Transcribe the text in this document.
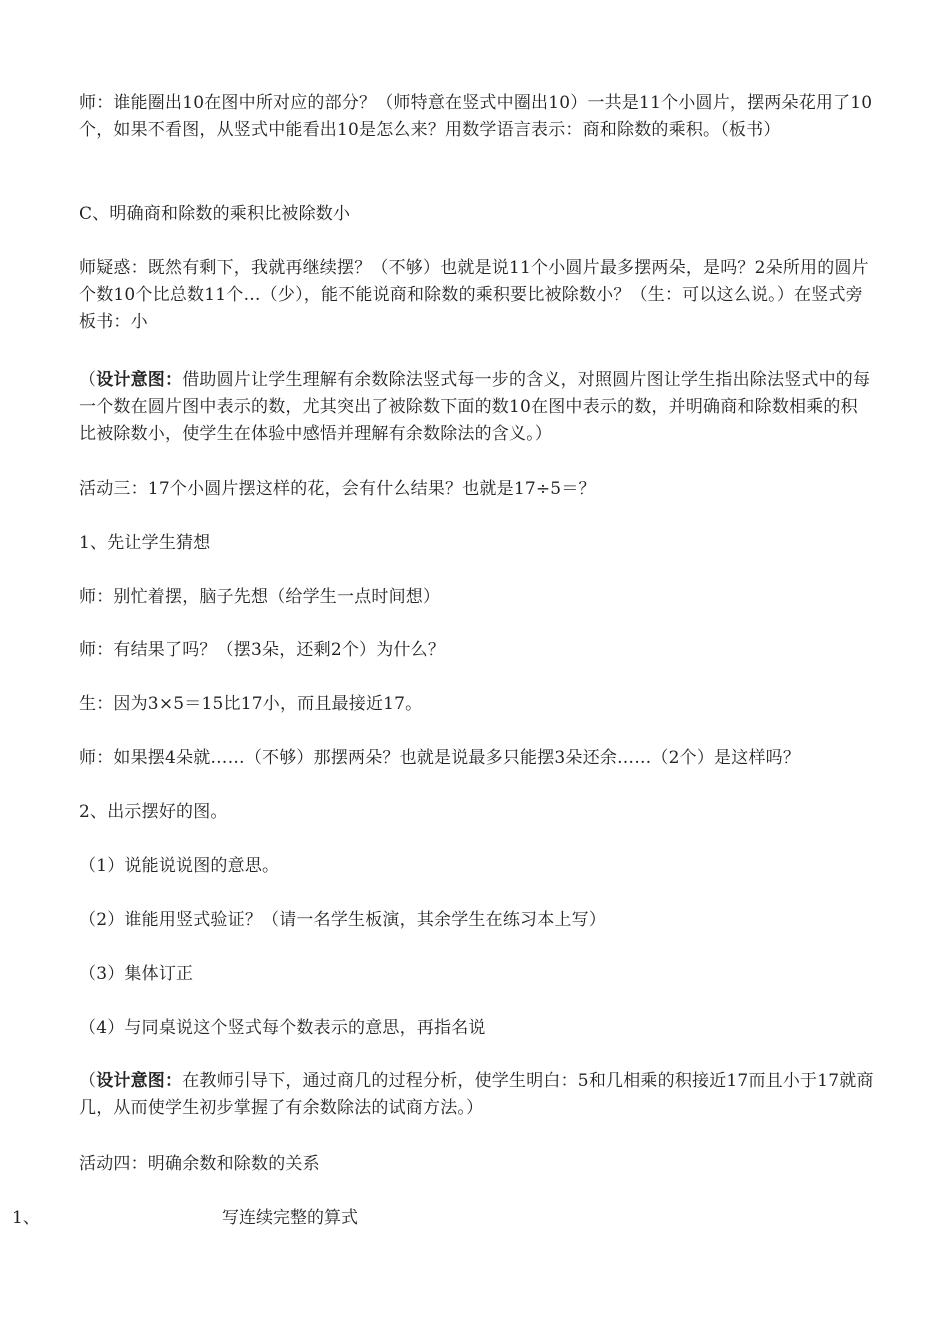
师：谁能圈出10在图中所对应的部分？（师特意在竖式中圈出10）一共是11个小圆片，摆两朵花用了10个，如果不看图，从竖式中能看出10是怎么来？用数学语言表示：商和除数的乘积。（板书）

C、明确商和除数的乘积比被除数小

师疑惑：既然有剩下，我就再继续摆？（不够）也就是说11个小圆片最多摆两朵，是吗？2朵所用的圆片个数10个比总数11个…（少），能不能说商和除数的乘积要比被除数小？（生：可以这么说。）在竖式旁板书：小

（设计意图：借助圆片让学生理解有余数除法竖式每一步的含义，对照圆片图让学生指出除法竖式中的每一个数在圆片图中表示的数，尤其突出了被除数下面的数10在图中表示的数，并明确商和除数相乘的积比被除数小，使学生在体验中感悟并理解有余数除法的含义。）

活动三：17个小圆片摆这样的花，会有什么结果？也就是17÷5＝？

1、先让学生猜想

师：别忙着摆，脑子先想（给学生一点时间想）

师：有结果了吗？（摆3朵，还剩2个）为什么？

生：因为3×5＝15比17小，而且最接近17。

师：如果摆4朵就……（不够）那摆两朵？也就是说最多只能摆3朵还余……（2个）是这样吗？

2、出示摆好的图。

（1）说能说说图的意思。

（2）谁能用竖式验证？（请一名学生板演，其余学生在练习本上写）

（3）集体订正

（4）与同桌说这个竖式每个数表示的意思，再指名说

（设计意图：在教师引导下，通过商几的过程分析，使学生明白：5和几相乘的积接近17而且小于17就商几，从而使学生初步掌握了有余数除法的试商方法。）

活动四：明确余数和除数的关系

1、	写连续完整的算式
